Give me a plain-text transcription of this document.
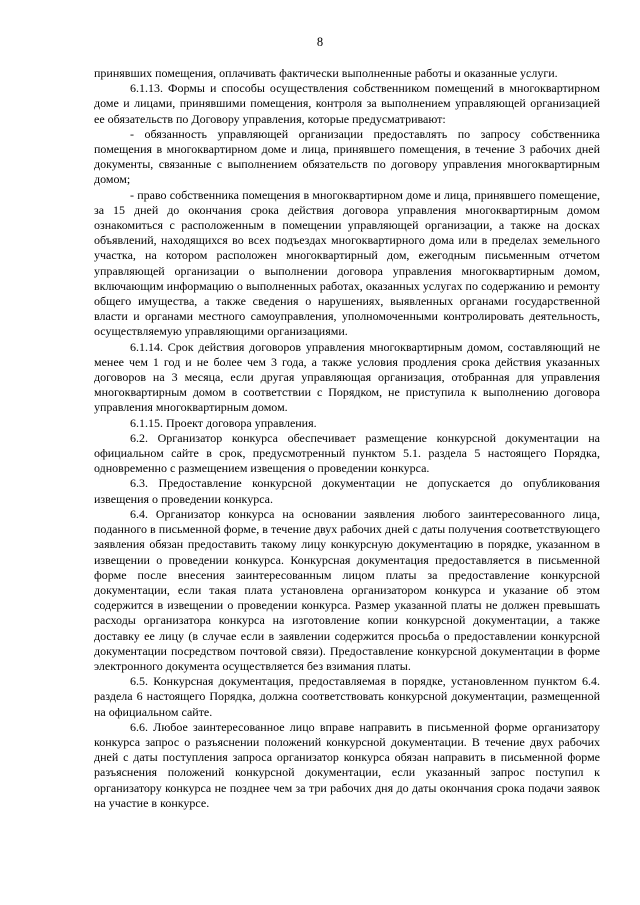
8

принявших помещения, оплачивать фактически выполненные работы и оказанные услуги.

6.1.13. Формы и способы осуществления собственником помещений в многоквартирном доме и лицами, принявшими помещения, контроля за выполнением управляющей организацией ее обязательств по Договору управления, которые предусматривают:

- обязанность управляющей организации предоставлять по запросу собственника помещения в многоквартирном доме и лица, принявшего помещения, в течение 3 рабочих дней документы, связанные с выполнением обязательств по договору управления многоквартирным домом;

- право собственника помещения в многоквартирном доме и лица, принявшего помещение, за 15 дней до окончания срока действия договора управления многоквартирным домом ознакомиться с расположенным в помещении управляющей организации, а также на досках объявлений, находящихся во всех подъездах многоквартирного дома или в пределах земельного участка, на котором расположен многоквартирный дом, ежегодным письменным отчетом управляющей организации о выполнении договора управления многоквартирным домом, включающим информацию о выполненных работах, оказанных услугах по содержанию и ремонту общего имущества, а также сведения о нарушениях, выявленных органами государственной власти и органами местного самоуправления, уполномоченными контролировать деятельность, осуществляемую управляющими организациями.

6.1.14. Срок действия договоров управления многоквартирным домом, составляющий не менее чем 1 год и не более чем 3 года, а также условия продления срока действия указанных договоров на 3 месяца, если другая управляющая организация, отобранная для управления многоквартирным домом в соответствии с Порядком, не приступила к выполнению договора управления многоквартирным домом.

6.1.15. Проект договора управления.

6.2. Организатор конкурса обеспечивает размещение конкурсной документации на официальном сайте в срок, предусмотренный пунктом 5.1. раздела 5 настоящего Порядка, одновременно с размещением извещения о проведении конкурса.

6.3. Предоставление конкурсной документации не допускается до опубликования извещения о проведении конкурса.

6.4. Организатор конкурса на основании заявления любого заинтересованного лица, поданного в письменной форме, в течение двух рабочих дней с даты получения соответствующего заявления обязан предоставить такому лицу конкурсную документацию в порядке, указанном в извещении о проведении конкурса. Конкурсная документация предоставляется в письменной форме после внесения заинтересованным лицом платы за предоставление конкурсной документации, если такая плата установлена организатором конкурса и указание об этом содержится в извещении о проведении конкурса. Размер указанной платы не должен превышать расходы организатора конкурса на изготовление копии конкурсной документации, а также доставку ее лицу (в случае если в заявлении содержится просьба о предоставлении конкурсной документации посредством почтовой связи). Предоставление конкурсной документации в форме электронного документа осуществляется без взимания платы.

6.5. Конкурсная документация, предоставляемая в порядке, установленном пунктом 6.4. раздела 6 настоящего Порядка, должна соответствовать конкурсной документации, размещенной на официальном сайте.

6.6. Любое заинтересованное лицо вправе направить в письменной форме организатору конкурса запрос о разъяснении положений конкурсной документации. В течение двух рабочих дней с даты поступления запроса организатор конкурса обязан направить в письменной форме разъяснения положений конкурсной документации, если указанный запрос поступил к организатору конкурса не позднее чем за три рабочих дня до даты окончания срока подачи заявок на участие в конкурсе.
